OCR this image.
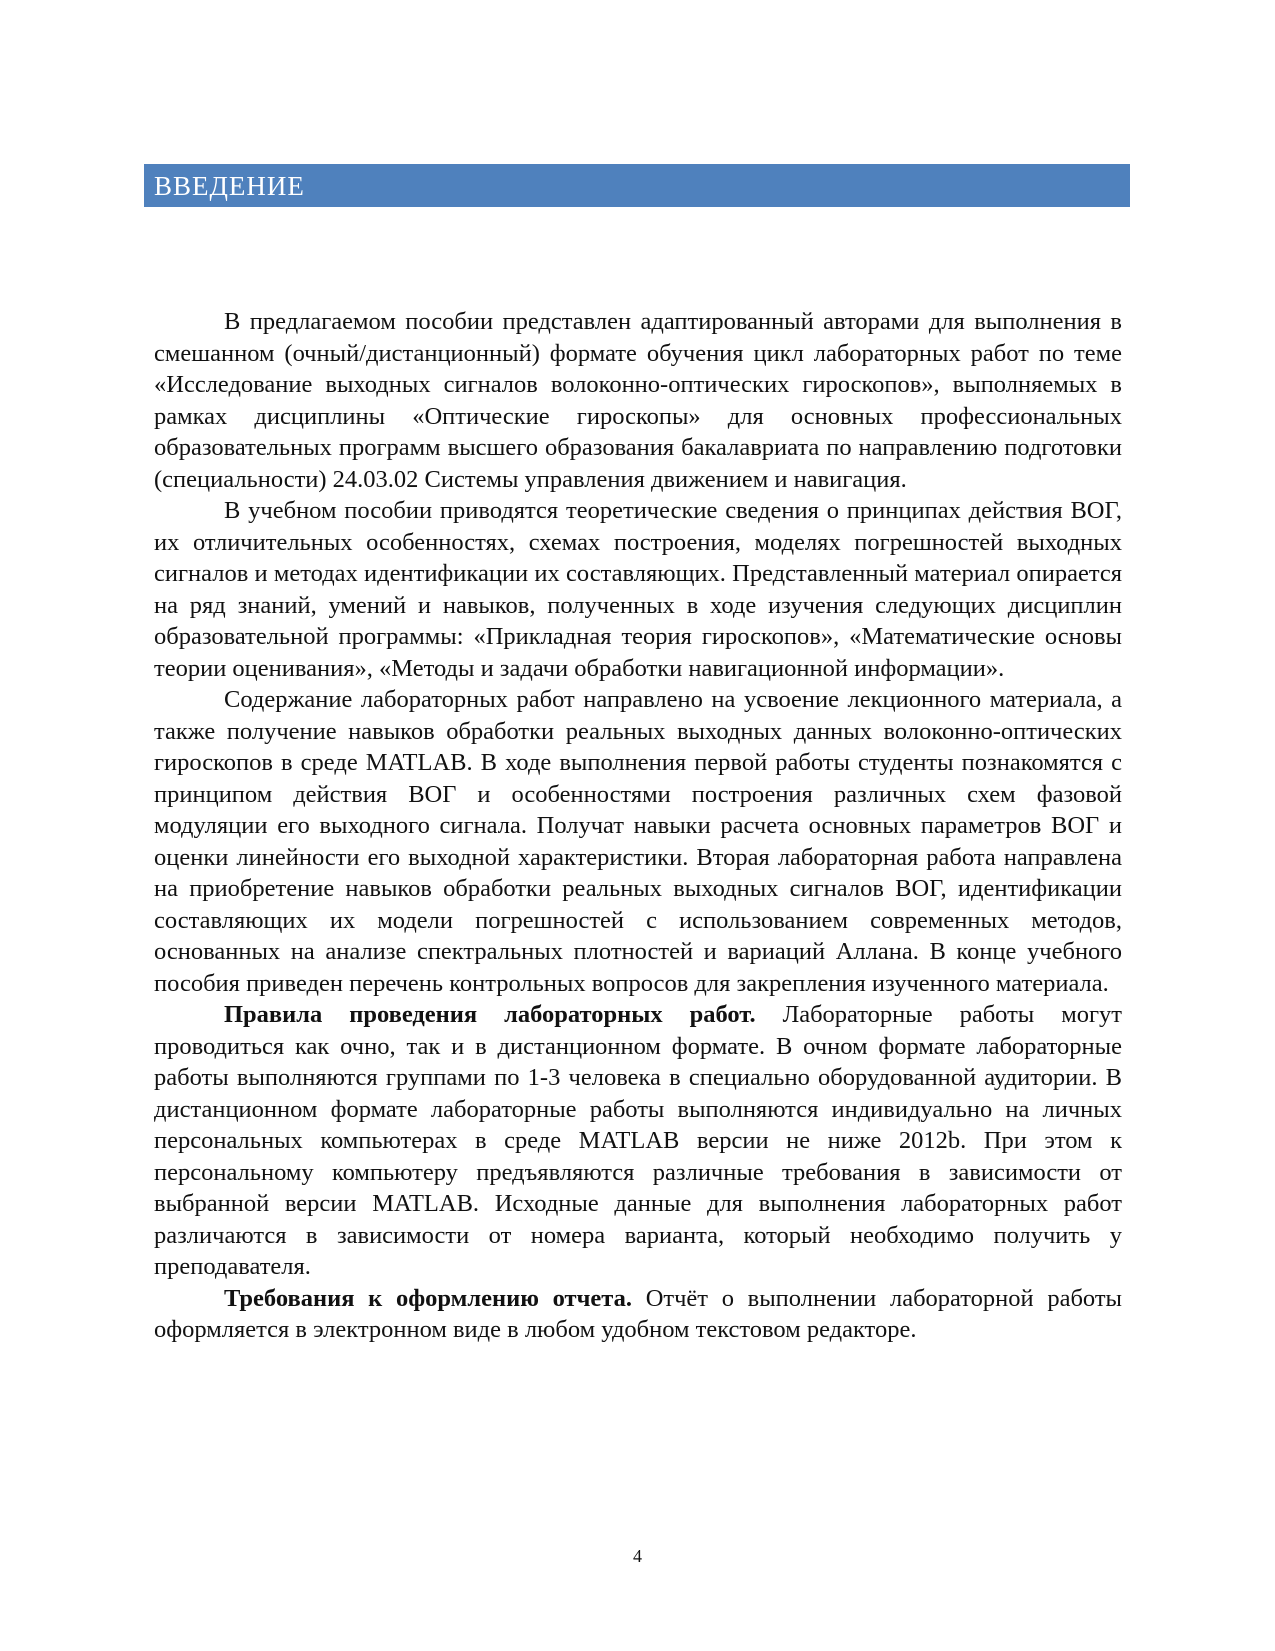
ВВЕДЕНИЕ

В предлагаемом пособии представлен адаптированный авторами для выполнения в смешанном (очный/дистанционный) формате обучения цикл лабораторных работ по теме «Исследование выходных сигналов волоконно-оптических гироскопов», выполняемых в рамках дисциплины «Оптические гироскопы» для основных профессиональных образовательных программ высшего образования бакалавриата по направлению подготовки (специальности) 24.03.02 Системы управления движением и навигация.

В учебном пособии приводятся теоретические сведения о принципах действия ВОГ, их отличительных особенностях, схемах построения, моделях погрешностей выходных сигналов и методах идентификации их составляющих. Представленный материал опирается на ряд знаний, умений и навыков, полученных в ходе изучения следующих дисциплин образовательной программы: «Прикладная теория гироскопов», «Математические основы теории оценивания», «Методы и задачи обработки навигационной информации».

Содержание лабораторных работ направлено на усвоение лекционного материала, а также получение навыков обработки реальных выходных данных волоконно-оптических гироскопов в среде MATLAB. В ходе выполнения первой работы студенты познакомятся с принципом действия ВОГ и особенностями построения различных схем фазовой модуляции его выходного сигнала. Получат навыки расчета основных параметров ВОГ и оценки линейности его выходной характеристики. Вторая лабораторная работа направлена на приобретение навыков обработки реальных выходных сигналов ВОГ, идентификации составляющих их модели погрешностей с использованием современных методов, основанных на анализе спектральных плотностей и вариаций Аллана. В конце учебного пособия приведен перечень контрольных вопросов для закрепления изученного материала.

Правила проведения лабораторных работ. Лабораторные работы могут проводиться как очно, так и в дистанционном формате. В очном формате лабораторные работы выполняются группами по 1-3 человека в специально оборудованной аудитории. В дистанционном формате лабораторные работы выполняются индивидуально на личных персональных компьютерах в среде MATLAB версии не ниже 2012b. При этом к персональному компьютеру предъявляются различные требования в зависимости от выбранной версии MATLAB. Исходные данные для выполнения лабораторных работ различаются в зависимости от номера варианта, который необходимо получить у преподавателя.

Требования к оформлению отчета. Отчёт о выполнении лабораторной работы оформляется в электронном виде в любом удобном текстовом редакторе.

4
